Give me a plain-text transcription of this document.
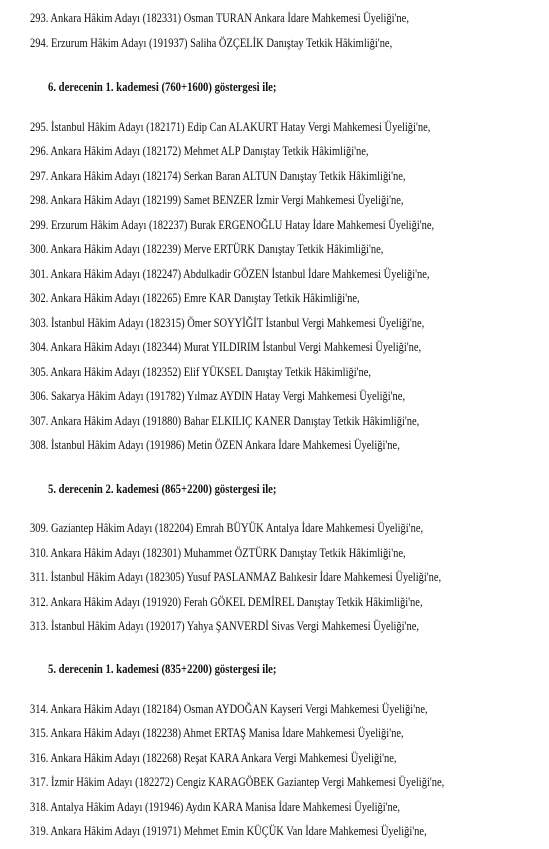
293. Ankara Hâkim Adayı (182331) Osman TURAN Ankara İdare Mahkemesi Üyeliği'ne,
294. Erzurum Hâkim Adayı (191937) Saliha ÖZÇELİK Danıştay Tetkik Hâkimliği'ne,
6. derecenin 1. kademesi (760+1600) göstergesi ile;
295. İstanbul Hâkim Adayı (182171) Edip Can ALAKURT Hatay Vergi Mahkemesi Üyeliği'ne,
296. Ankara Hâkim Adayı (182172) Mehmet ALP Danıştay Tetkik Hâkimliği'ne,
297. Ankara Hâkim Adayı (182174) Serkan Baran ALTUN Danıştay Tetkik Hâkimliği'ne,
298. Ankara Hâkim Adayı (182199) Samet BENZER İzmir Vergi Mahkemesi Üyeliği'ne,
299. Erzurum Hâkim Adayı (182237) Burak ERGENOĞLU Hatay İdare Mahkemesi Üyeliği'ne,
300. Ankara Hâkim Adayı (182239) Merve ERTÜRK Danıştay Tetkik Hâkimliği'ne,
301. Ankara Hâkim Adayı (182247) Abdulkadir GÖZEN İstanbul İdare Mahkemesi Üyeliği'ne,
302. Ankara Hâkim Adayı (182265) Emre KAR Danıştay Tetkik Hâkimliği'ne,
303. İstanbul Hâkim Adayı (182315) Ömer SOYYİĞİT İstanbul Vergi Mahkemesi Üyeliği'ne,
304. Ankara Hâkim Adayı (182344) Murat YILDIRIM İstanbul Vergi Mahkemesi Üyeliği'ne,
305. Ankara Hâkim Adayı (182352) Elif YÜKSEL Danıştay Tetkik Hâkimliği'ne,
306. Sakarya Hâkim Adayı (191782) Yılmaz AYDIN Hatay Vergi Mahkemesi Üyeliği'ne,
307. Ankara Hâkim Adayı (191880) Bahar ELKILIÇ KANER Danıştay Tetkik Hâkimliği'ne,
308. İstanbul Hâkim Adayı (191986) Metin ÖZEN Ankara İdare Mahkemesi Üyeliği'ne,
5. derecenin 2. kademesi (865+2200) göstergesi ile;
309. Gaziantep Hâkim Adayı (182204) Emrah BÜYÜK Antalya İdare Mahkemesi Üyeliği'ne,
310. Ankara Hâkim Adayı (182301) Muhammet ÖZTÜRK Danıştay Tetkik Hâkimliği'ne,
311. İstanbul Hâkim Adayı (182305) Yusuf PASLANMAZ Balıkesir İdare Mahkemesi Üyeliği'ne,
312. Ankara Hâkim Adayı (191920) Ferah GÖKEL DEMİREL Danıştay Tetkik Hâkimliği'ne,
313. İstanbul Hâkim Adayı (192017) Yahya ŞANVERDİ Sivas Vergi Mahkemesi Üyeliği'ne,
5. derecenin 1. kademesi (835+2200) göstergesi ile;
314. Ankara Hâkim Adayı (182184) Osman AYDOĞAN Kayseri Vergi Mahkemesi Üyeliği'ne,
315. Ankara Hâkim Adayı (182238) Ahmet ERTAŞ Manisa İdare Mahkemesi Üyeliği'ne,
316. Ankara Hâkim Adayı (182268) Reşat KARA Ankara Vergi Mahkemesi Üyeliği'ne,
317. İzmir Hâkim Adayı (182272) Cengiz KARAGÖBEK Gaziantep Vergi Mahkemesi Üyeliği'ne,
318. Antalya Hâkim Adayı (191946) Aydın KARA Manisa İdare Mahkemesi Üyeliği'ne,
319. Ankara Hâkim Adayı (191971) Mehmet Emin KÜÇÜK Van İdare Mahkemesi Üyeliği'ne,
